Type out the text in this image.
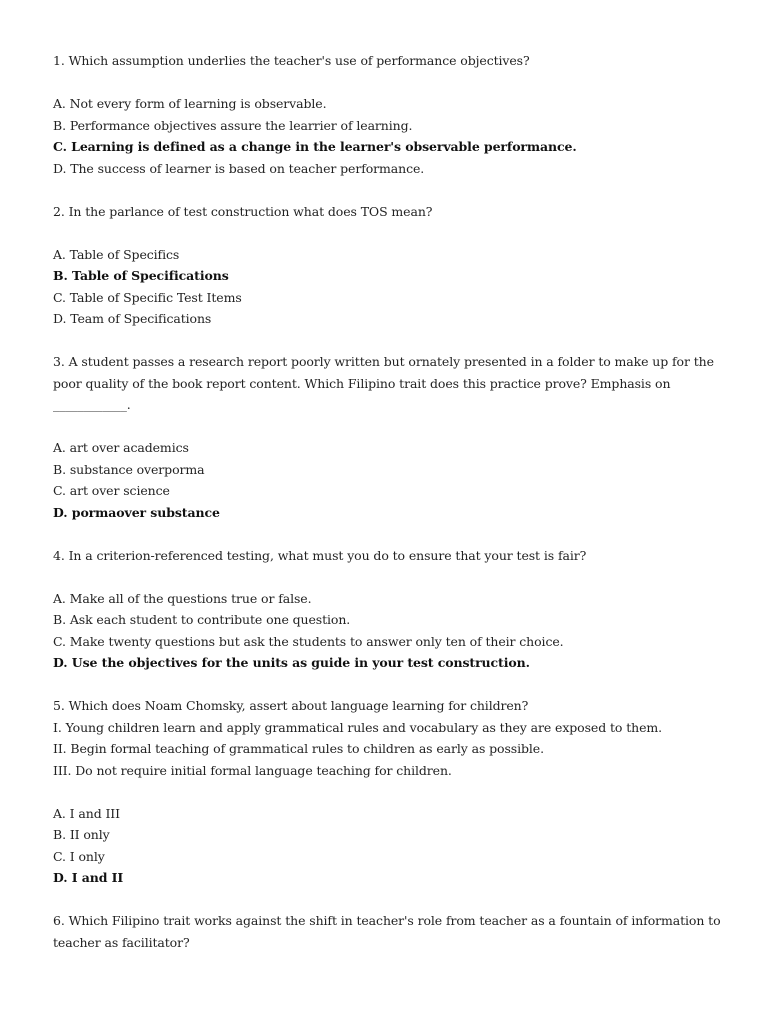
1. Which assumption underlies the teacher's use of performance objectives?

A. Not every form of learning is observable.

B. Performance objectives assure the learrier of learning.

C. Learning is defined as a change in the learner's observable performance.

D. The success of learner is based on teacher performance.

2. In the parlance of test construction what does TOS mean?

A. Table of Specifics

B. Table of Specifications

C. Table of Specific Test Items

D. Team of Specifications

3. A student passes a research report poorly written but ornately presented in a folder to make up for the

poor quality of the book report content. Which Filipino trait does this practice prove? Emphasis on

____________.

A. art over academics

B. substance overporma

C. art over science

D. pormaover substance

4. In a criterion-referenced testing, what must you do to ensure that your test is fair?

A. Make all of the questions true or false.

B. Ask each student to contribute one question.

C. Make twenty questions but ask the students to answer only ten of their choice.

D. Use the objectives for the units as guide in your test construction.

5. Which does Noam Chomsky, assert about language learning for children?

I. Young children learn and apply grammatical rules and vocabulary as they are exposed to them.

II. Begin formal teaching of grammatical rules to children as early as possible.

III. Do not require initial formal language teaching for children.

A. I and III

B. II only

C. I only

D. I and II

6. Which Filipino trait works against the shift in teacher's role from teacher as a fountain of information to

teacher as facilitator?
